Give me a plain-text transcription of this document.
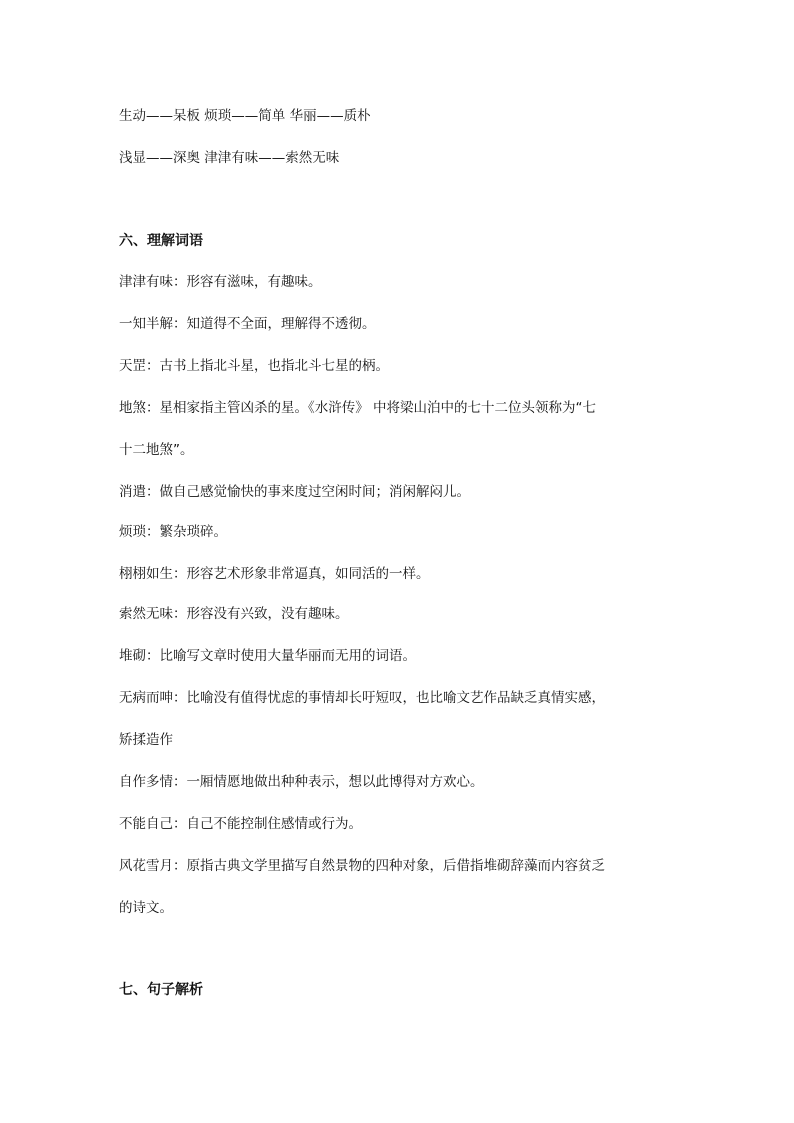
生动——呆板 烦琐——简单 华丽——质朴
浅显——深奥 津津有味——索然无味
六、理解词语
津津有味：形容有滋味，有趣味。
一知半解：知道得不全面，理解得不透彻。
天罡：古书上指北斗星，也指北斗七星的柄。
地煞：星相家指主管凶杀的星。《水浒传》 中将梁山泊中的七十二位头领称为“七
十二地煞”。
消遣：做自己感觉愉快的事来度过空闲时间；消闲解闷儿。
烦琐：繁杂琐碎。
栩栩如生：形容艺术形象非常逼真，如同活的一样。
索然无味：形容没有兴致，没有趣味。
堆砌：比喻写文章时使用大量华丽而无用的词语。
无病而呻：比喻没有值得忧虑的事情却长吁短叹，也比喻文艺作品缺乏真情实感，
矫揉造作
自作多情：一厢情愿地做出种种表示，想以此博得对方欢心。
不能自己：自己不能控制住感情或行为。
风花雪月：原指古典文学里描写自然景物的四种对象，后借指堆砌辞藻而内容贫乏
的诗文。
七、句子解析
